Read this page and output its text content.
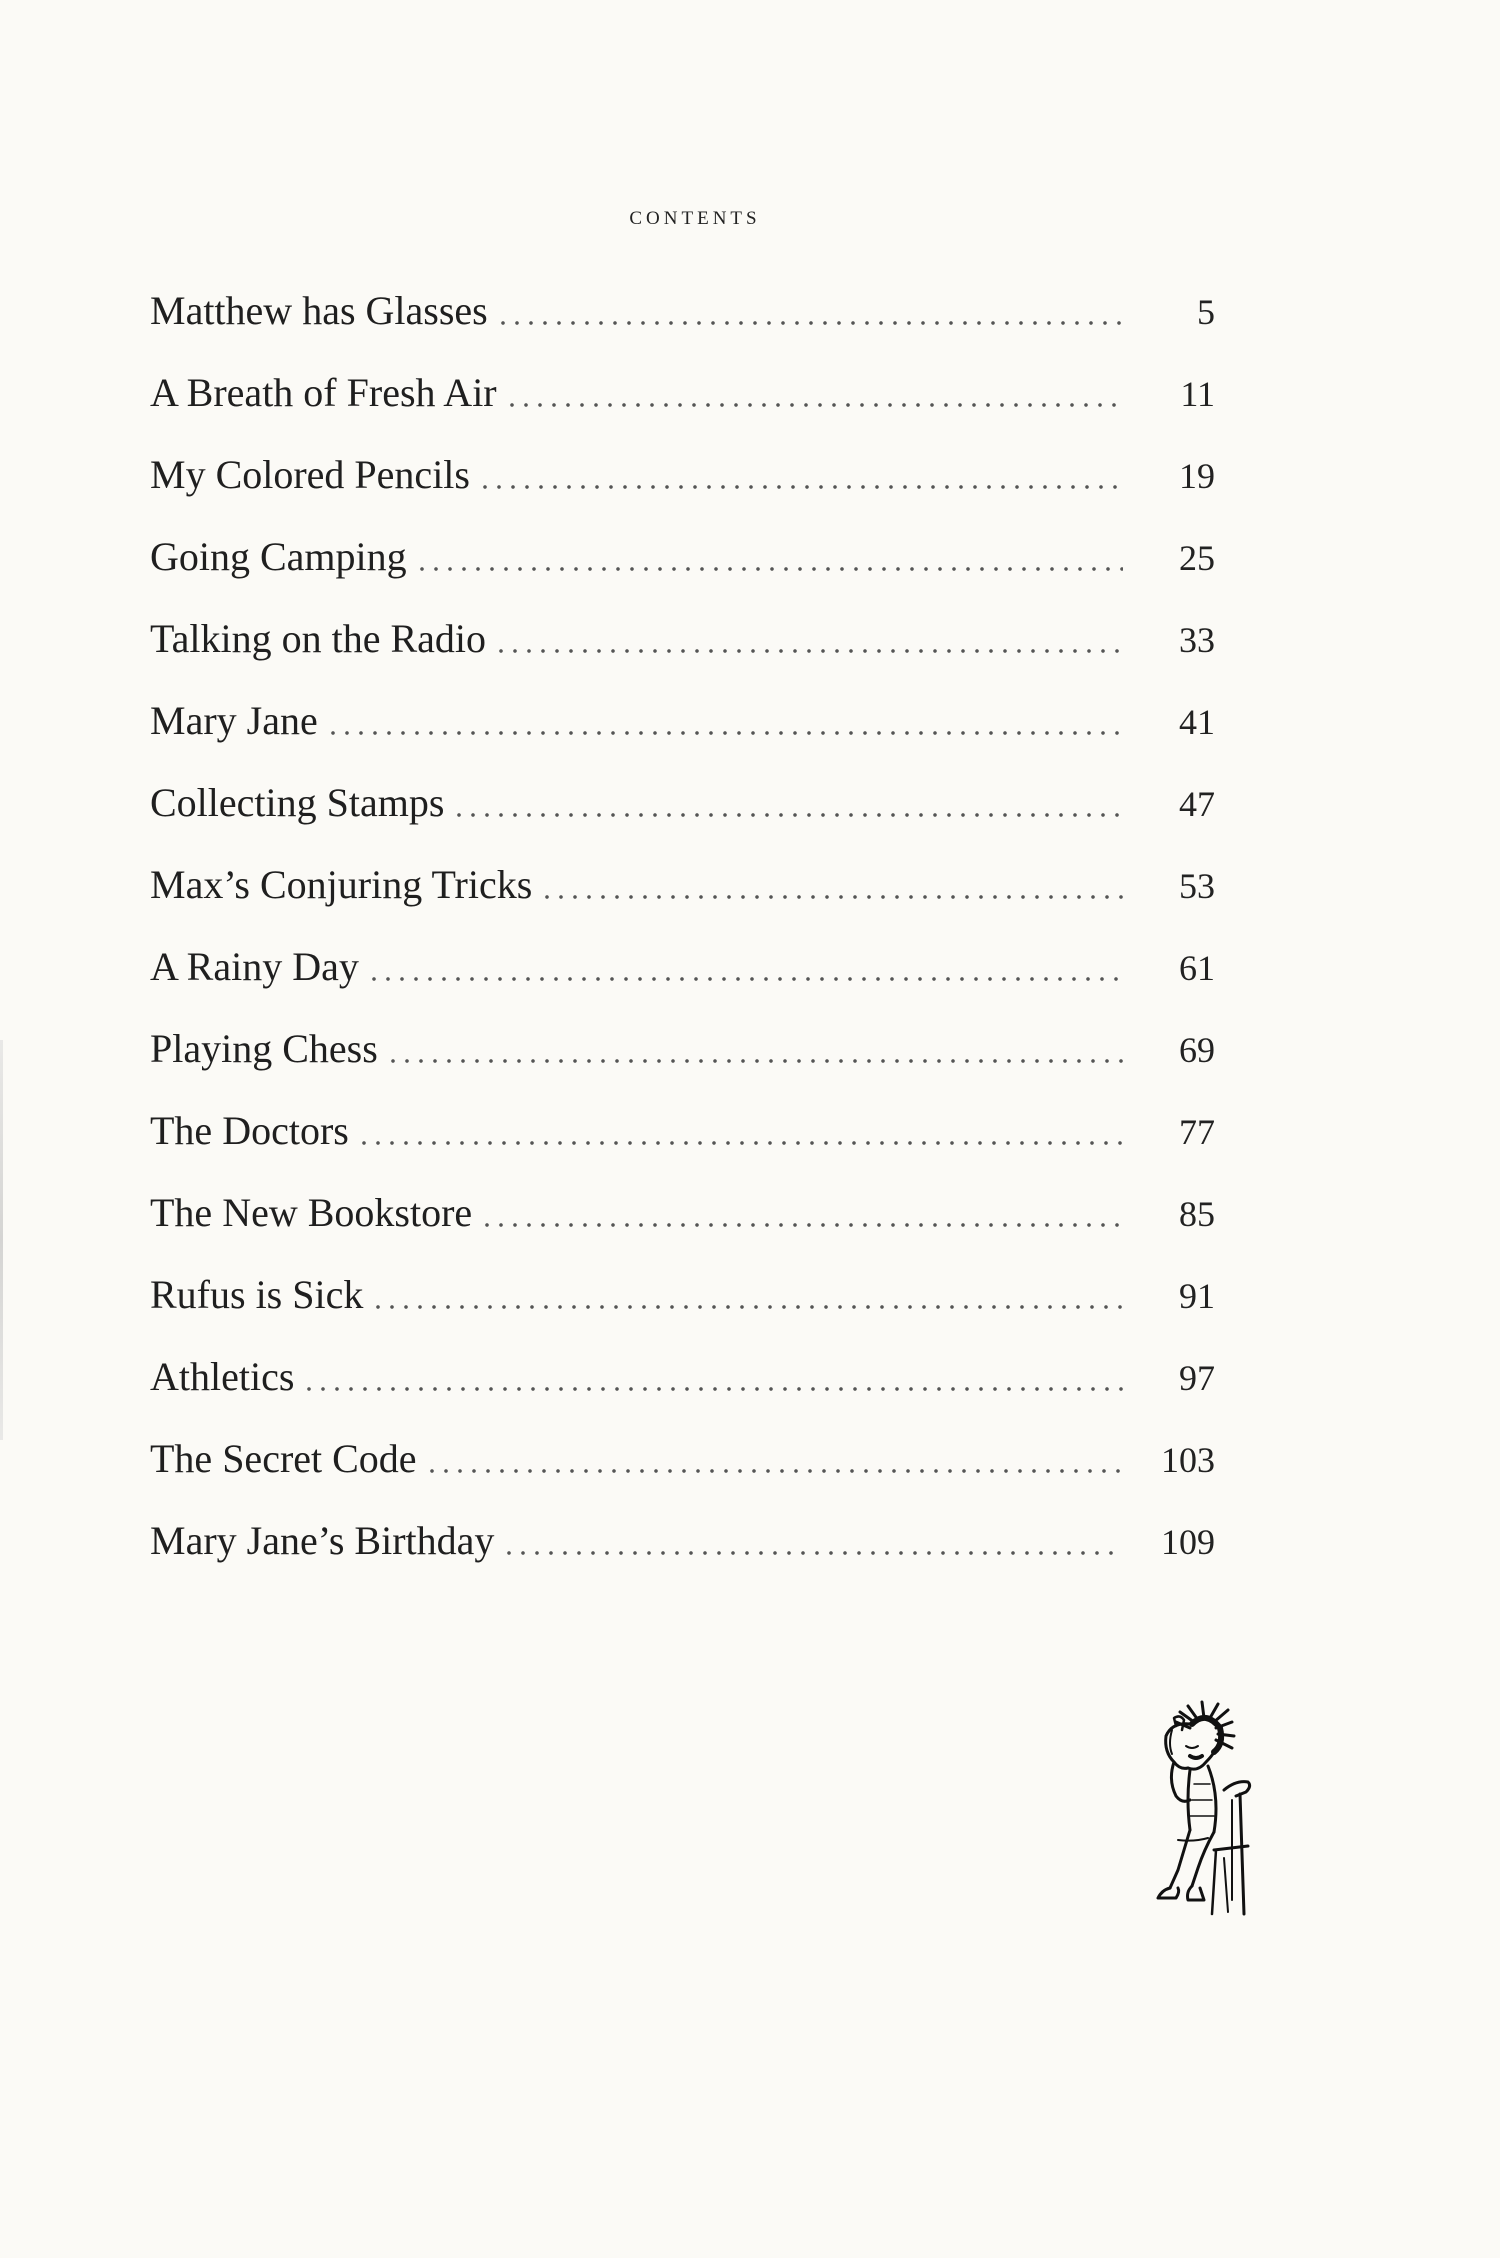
contents
Matthew has Glasses	5
A Breath of Fresh Air	11
My Colored Pencils	19
Going Camping	25
Talking on the Radio	33
Mary Jane	41
Collecting Stamps	47
Max’s Conjuring Tricks	53
A Rainy Day	61
Playing Chess	69
The Doctors	77
The New Bookstore	85
Rufus is Sick	91
Athletics	97
The Secret Code	103
Mary Jane’s Birthday	109
